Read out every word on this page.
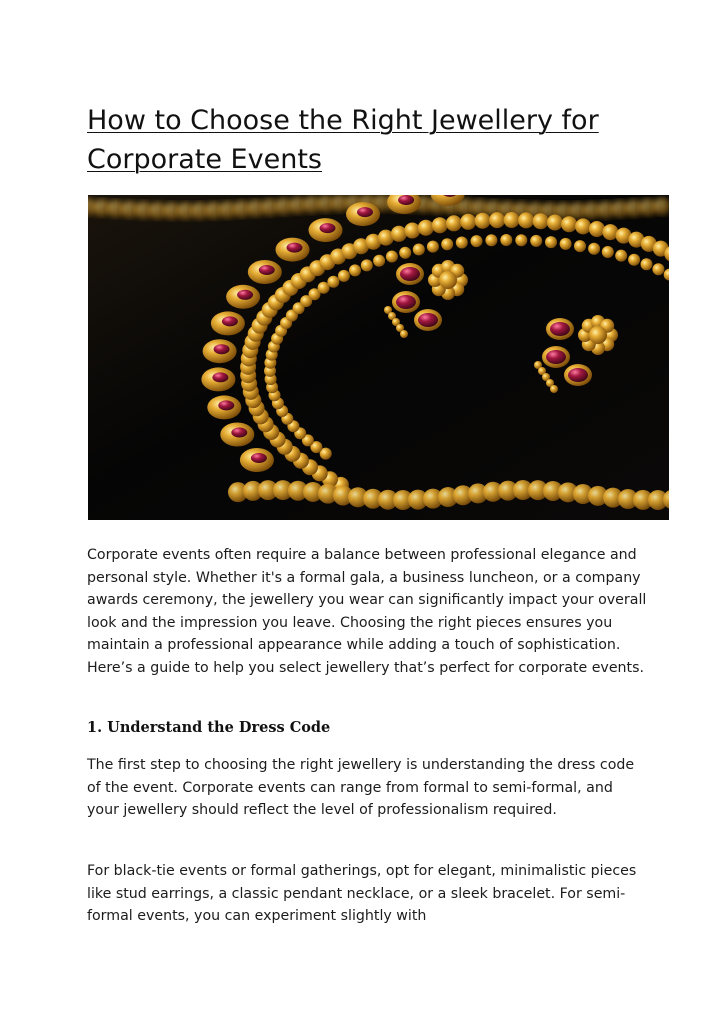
How to Choose the Right Jewellery for Corporate Events

Corporate events often require a balance between professional elegance and personal style. Whether it's a formal gala, a business luncheon, or a company awards ceremony, the jewellery you wear can significantly impact your overall look and the impression you leave. Choosing the right pieces ensures you maintain a professional appearance while adding a touch of sophistication. Here’s a guide to help you select jewellery that’s perfect for corporate events.

1. Understand the Dress Code

The first step to choosing the right jewellery is understanding the dress code of the event. Corporate events can range from formal to semi-formal, and your jewellery should reflect the level of professionalism required.

For black-tie events or formal gatherings, opt for elegant, minimalistic pieces like stud earrings, a classic pendant necklace, or a sleek bracelet. For semi-formal events, you can experiment slightly with
